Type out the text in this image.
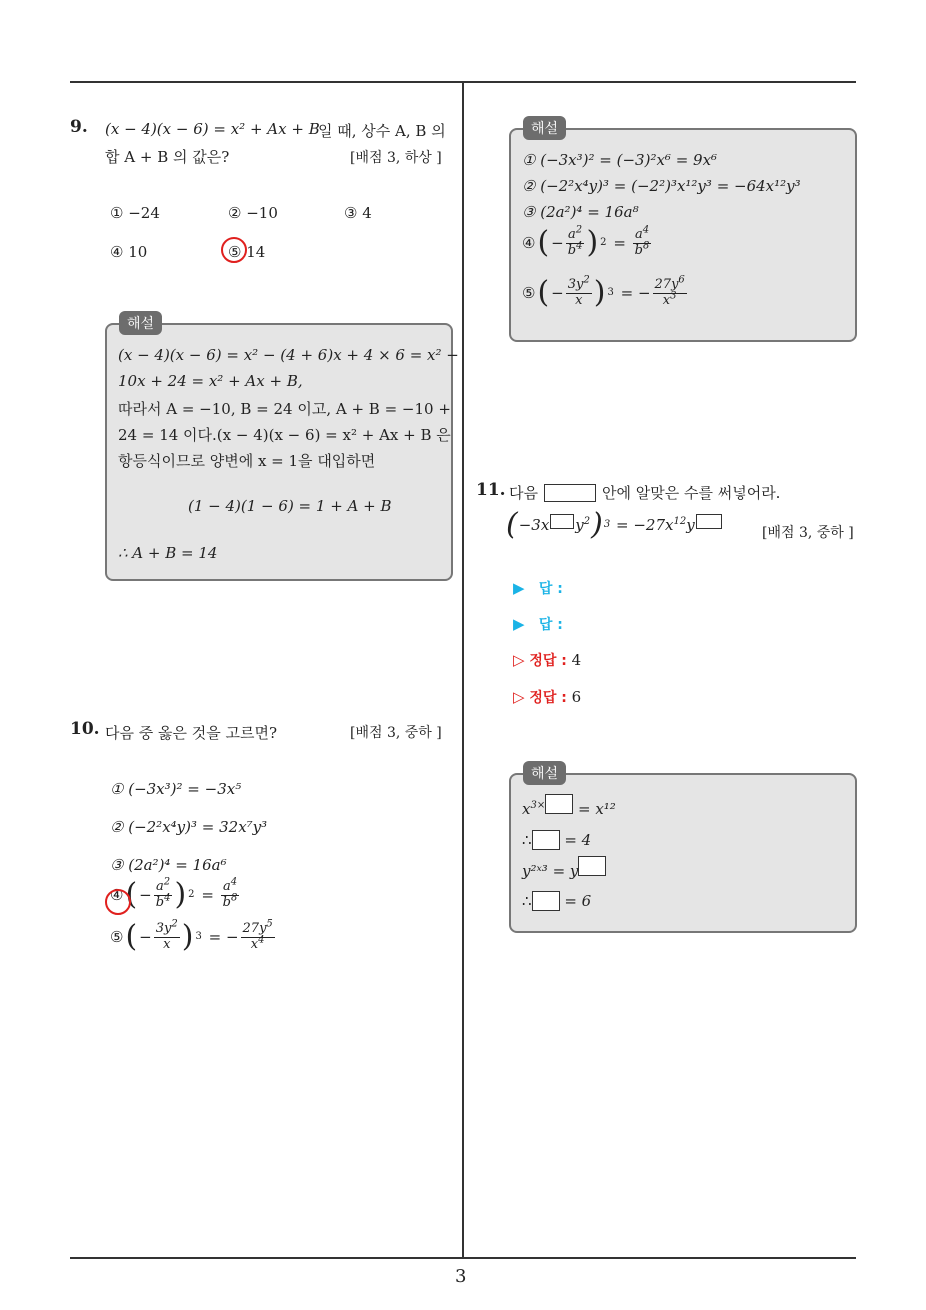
3
9. (x − 4)(x − 6) = x² + Ax + B
일 때, 상수 A, B 의
합 A + B 의 값은?	[배점 3, 하상 ]
① −24	② −10	③ 4
④ 10	⑤ 14
해설
(x − 4)(x − 6) = x² − (4 + 6)x + 4 × 6 = x² −
10x + 24 = x² + Ax + B,
따라서 A = −10, B = 24 이고, A + B = −10 +
24 = 14 이다.(x − 4)(x − 6) = x² + Ax + B 은
항등식이므로 양변에 x = 1을 대입하면
(1 − 4)(1 − 6) = 1 + A + B
∴ A + B = 14
10. 다음 중 옳은 것을 고르면?	[배점 3, 중하 ]
① (−3x³)² = −3x⁵
② (−2²x⁴y)³ = 32x⁷y³
③ (2a²)⁴ = 16a⁶
④ ( − $\frac{a^2}{b^4}$ ) $2 = \frac{a^4}{b^8}$
⑤ ( − $\frac{3y^2}{x}$ ) 3 = − $\frac{27y^5}{x^4}$
해설
① (−3x³)² = (−3)²x⁶ = 9x⁶
② (−2²x⁴y)³ = (−2²)³x¹²y³ = −64x¹²y³
③ (2a²)⁴ = 16a⁸
④ ( − $\frac{a^2}{b^4}$ ) $2 = \frac{a^4}{b^8}$
⑤ ( − $\frac{3y^2}{x}$ ) 3 = − $\frac{27y^6}{x^3}$
11. 다음	안에 알맞은 수를 써넣어라.
( −3x $y^2$ ) $3 = -27x^{12}y$	[배점 3, 중하 ]
▶ 답 :
▶ 답 :
▷ 정답 : 4
▷ 정답 : 6
해설
$x^{3\times}$
= x¹²
∴
= 4
y²ˣ³ = y
∴
= 6
